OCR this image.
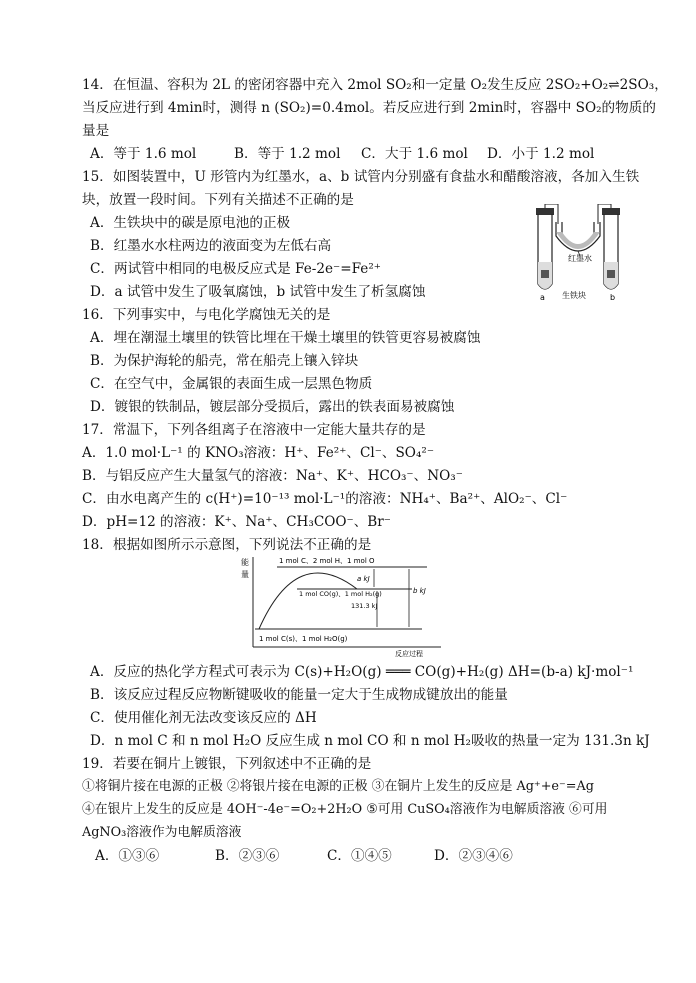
14．在恒温、容积为 2L 的密闭容器中充入 2mol SO₂和一定量 O₂发生反应 2SO₂+O₂⇌2SO₃，
当反应进行到 4min时，测得 n (SO₂)=0.4mol。若反应进行到 2min时，容器中 SO₂的物质的
量是
A．等于 1.6 mol	B．等于 1.2 mol C．大于 1.6 mol D．小于 1.2 mol
15．如图装置中，U 形管内为红墨水，a、b 试管内分别盛有食盐水和醋酸溶液，各加入生铁
块，放置一段时间。下列有关描述不正确的是
A．生铁块中的碳是原电池的正极
B．红墨水水柱两边的液面变为左低右高
C．两试管中相同的电极反应式是 Fe-2e⁻=Fe²⁺
D．a 试管中发生了吸氧腐蚀，b 试管中发生了析氢腐蚀
红墨水
a 生铁块	b
16．下列事实中，与电化学腐蚀无关的是
A．埋在潮湿土壤里的铁管比埋在干燥土壤里的铁管更容易被腐蚀
B．为保护海轮的船壳，常在船壳上镶入锌块
C．在空气中，金属银的表面生成一层黑色物质
D．镀银的铁制品，镀层部分受损后，露出的铁表面易被腐蚀
17．常温下，下列各组离子在溶液中一定能大量共存的是
A．1.0 mol·L⁻¹ 的 KNO₃溶液：H⁺、Fe²⁺、Cl⁻、SO₄²⁻
B．与铝反应产生大量氢气的溶液：Na⁺、K⁺、HCO₃⁻、NO₃⁻
C．由水电离产生的 c(H⁺)=10⁻¹³ mol·L⁻¹的溶液：NH₄⁺、Ba²⁺、AlO₂⁻、Cl⁻
D．pH=12 的溶液：K⁺、Na⁺、CH₃COO⁻、Br⁻
18．根据如图所示示意图，下列说法不正确的是
能
量
1 mol C、2 mol H、1 mol O
1 mol CO(g)、1 mol H₂(g)
1 mol C(s)、1 mol H₂O(g)
a kJ
131.3 kJ
b kJ
反应过程
A．反应的热化学方程式可表示为 C(s)+H₂O(g) ═══ CO(g)+H₂(g) ΔH=(b-a) kJ·mol⁻¹
B．该反应过程反应物断键吸收的能量一定大于生成物成键放出的能量
C．使用催化剂无法改变该反应的 ΔH
D．n mol C 和 n mol H₂O 反应生成 n mol CO 和 n mol H₂吸收的热量一定为 131.3n kJ
19．若要在铜片上镀银，下列叙述中不正确的是
①将铜片接在电源的正极 ②将银片接在电源的正极 ③在铜片上发生的反应是 Ag⁺+e⁻=Ag
④在银片上发生的反应是 4OH⁻-4e⁻=O₂+2H₂O ⑤可用 CuSO₄溶液作为电解质溶液 ⑥可用
AgNO₃溶液作为电解质溶液
A．①③⑥	B．②③⑥	C．①④⑤	D．②③④⑥
